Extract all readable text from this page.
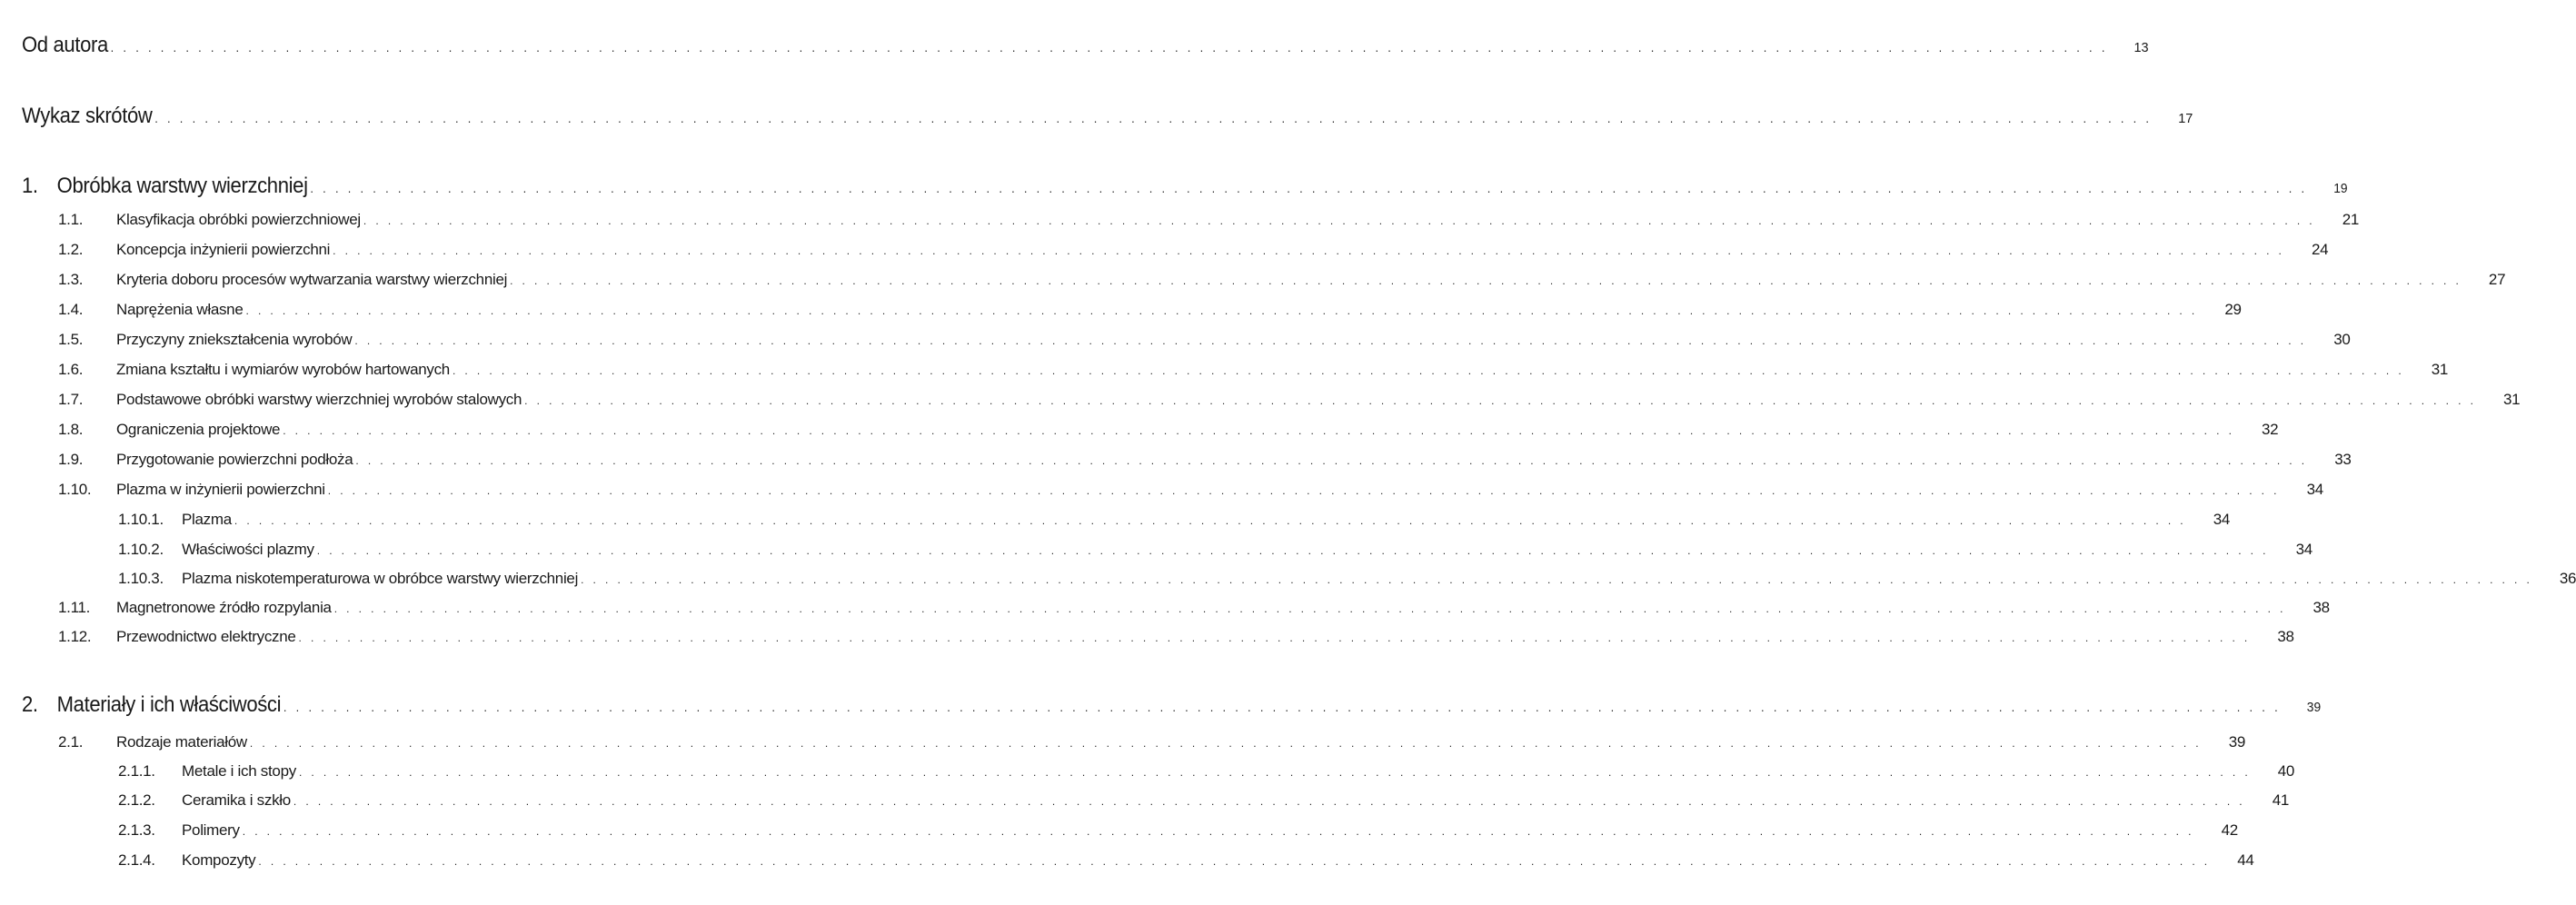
Od autora . . . . . . . . . . . . . . . . . . . . . . . . . . . . . . . . . . . . . . . . . . . . . . . . . . . . . . . . . . . . . . . . . . . . . . . . . . . . . . . . . . . . . . . . . . . . . . . . . . . . . . . . . . . . . . . . . . . . . . . . . . . . . . . . . . . . . . . . . . . . . . . . . . . . . . . . . . . . . . . .	13
Wykaz skrótów . . . . . . . . . . . . . . . . . . . . . . . . . . . . . . . . . . . . . . . . . . . . . . . . . . . . . . . . . . . . . . . . . . . . . . . . . . . . . . . . . . . . . . . . . . . . . . . . . . . . . . . . . . . . . . . . . . . . . . . . . . . . . . . . . . . . . . . . . . . . . . . . . . . . . . . . . . . . . . . .	17
1. Obróbka warstwy wierzchniej . . . . . . . . . . . . . . . . . . . . . . . . . . . . . . . . . . . . . . . . . . . . . . . . . . . . . . . . . . . . . . . . . . . . . . . . . . . . . . . . . . . . . . . . . . . . . . . . . . . . . . . . . . . . . . . . . . . . . . . . . . . . . . . . . . . . . . . . . . . . . . . . . . . . . . . . . . . . . . . .	19
1.1.	Klasyfikacja obróbki powierzchniowej . . . . . . . . . . . . . . . . . . . . . . . . . . . . . . . . . . . . . . . . . . . . . . . . . . . . . . . . . . . . . . . . . . . . . . . . . . . . . . . . . . . . . . . . . . . . . . . . . . . . . . . . . . . . . . . . . . . . . . . . . . . . . . . . . . . . . . . . . . . . . . . . . . . . . . . . . . . . . . . .	21
1.2.	Koncepcja inżynierii powierzchni . . . . . . . . . . . . . . . . . . . . . . . . . . . . . . . . . . . . . . . . . . . . . . . . . . . . . . . . . . . . . . . . . . . . . . . . . . . . . . . . . . . . . . . . . . . . . . . . . . . . . . . . . . . . . . . . . . . . . . . . . . . . . . . . . . . . . . . . . . . . . . . . . . . . . . . . . . . . . . . .	24
1.3.	Kryteria doboru procesów wytwarzania warstwy wierzchniej . . . . . . . . . . . . . . . . . . . . . . . . . . . . . . . . . . . . . . . . . . . . . . . . . . . . . . . . . . . . . . . . . . . . . . . . . . . . . . . . . . . . . . . . . . . . . . . . . . . . . . . . . . . . . . . . . . . . . . . . . . . . . . . . . . . . . . . . . . . . . . . . . . . . . . . . . . . . . . . .	27
1.4.	Naprężenia własne . . . . . . . . . . . . . . . . . . . . . . . . . . . . . . . . . . . . . . . . . . . . . . . . . . . . . . . . . . . . . . . . . . . . . . . . . . . . . . . . . . . . . . . . . . . . . . . . . . . . . . . . . . . . . . . . . . . . . . . . . . . . . . . . . . . . . . . . . . . . . . . . . . . . . . . . . . . . . . . .	29
1.5.	Przyczyny zniekształcenia wyrobów . . . . . . . . . . . . . . . . . . . . . . . . . . . . . . . . . . . . . . . . . . . . . . . . . . . . . . . . . . . . . . . . . . . . . . . . . . . . . . . . . . . . . . . . . . . . . . . . . . . . . . . . . . . . . . . . . . . . . . . . . . . . . . . . . . . . . . . . . . . . . . . . . . . . . . . . . . . . . . . .	30
1.6.	Zmiana kształtu i wymiarów wyrobów hartowanych . . . . . . . . . . . . . . . . . . . . . . . . . . . . . . . . . . . . . . . . . . . . . . . . . . . . . . . . . . . . . . . . . . . . . . . . . . . . . . . . . . . . . . . . . . . . . . . . . . . . . . . . . . . . . . . . . . . . . . . . . . . . . . . . . . . . . . . . . . . . . . . . . . . . . . . . . . . . . . . .	31
1.7.	Podstawowe obróbki warstwy wierzchniej wyrobów stalowych . . . . . . . . . . . . . . . . . . . . . . . . . . . . . . . . . . . . . . . . . . . . . . . . . . . . . . . . . . . . . . . . . . . . . . . . . . . . . . . . . . . . . . . . . . . . . . . . . . . . . . . . . . . . . . . . . . . . . . . . . . . . . . . . . . . . . . . . . . . . . . . . . . . . . . . . . . . . . . . .	31
1.8.	Ograniczenia projektowe . . . . . . . . . . . . . . . . . . . . . . . . . . . . . . . . . . . . . . . . . . . . . . . . . . . . . . . . . . . . . . . . . . . . . . . . . . . . . . . . . . . . . . . . . . . . . . . . . . . . . . . . . . . . . . . . . . . . . . . . . . . . . . . . . . . . . . . . . . . . . . . . . . . . . . . . . . . . . . . .	32
1.9.	Przygotowanie powierzchni podłoża . . . . . . . . . . . . . . . . . . . . . . . . . . . . . . . . . . . . . . . . . . . . . . . . . . . . . . . . . . . . . . . . . . . . . . . . . . . . . . . . . . . . . . . . . . . . . . . . . . . . . . . . . . . . . . . . . . . . . . . . . . . . . . . . . . . . . . . . . . . . . . . . . . . . . . . . . . . . . . . .	33
1.10.	Plazma w inżynierii powierzchni . . . . . . . . . . . . . . . . . . . . . . . . . . . . . . . . . . . . . . . . . . . . . . . . . . . . . . . . . . . . . . . . . . . . . . . . . . . . . . . . . . . . . . . . . . . . . . . . . . . . . . . . . . . . . . . . . . . . . . . . . . . . . . . . . . . . . . . . . . . . . . . . . . . . . . . . . . . . . . . .	34
1.10.1.	Plazma . . . . . . . . . . . . . . . . . . . . . . . . . . . . . . . . . . . . . . . . . . . . . . . . . . . . . . . . . . . . . . . . . . . . . . . . . . . . . . . . . . . . . . . . . . . . . . . . . . . . . . . . . . . . . . . . . . . . . . . . . . . . . . . . . . . . . . . . . . . . . . . . . . . . . . . . . . . . . . . .	34
1.10.2.	Właściwości plazmy . . . . . . . . . . . . . . . . . . . . . . . . . . . . . . . . . . . . . . . . . . . . . . . . . . . . . . . . . . . . . . . . . . . . . . . . . . . . . . . . . . . . . . . . . . . . . . . . . . . . . . . . . . . . . . . . . . . . . . . . . . . . . . . . . . . . . . . . . . . . . . . . . . . . . . . . . . . . . . . .	34
1.10.3.	Plazma niskotemperaturowa w obróbce warstwy wierzchniej . . . . . . . . . . . . . . . . . . . . . . . . . . . . . . . . . . . . . . . . . . . . . . . . . . . . . . . . . . . . . . . . . . . . . . . . . . . . . . . . . . . . . . . . . . . . . . . . . . . . . . . . . . . . . . . . . . . . . . . . . . . . . . . . . . . . . . . . . . . . . . . . . . . . . . . . . . . . . . . .	36
1.11.	Magnetronowe źródło rozpylania . . . . . . . . . . . . . . . . . . . . . . . . . . . . . . . . . . . . . . . . . . . . . . . . . . . . . . . . . . . . . . . . . . . . . . . . . . . . . . . . . . . . . . . . . . . . . . . . . . . . . . . . . . . . . . . . . . . . . . . . . . . . . . . . . . . . . . . . . . . . . . . . . . . . . . . . . . . . . . . .	38
1.12.	Przewodnictwo elektryczne . . . . . . . . . . . . . . . . . . . . . . . . . . . . . . . . . . . . . . . . . . . . . . . . . . . . . . . . . . . . . . . . . . . . . . . . . . . . . . . . . . . . . . . . . . . . . . . . . . . . . . . . . . . . . . . . . . . . . . . . . . . . . . . . . . . . . . . . . . . . . . . . . . . . . . . . . . . . . . . .	38
2. Materiały i ich właściwości . . . . . . . . . . . . . . . . . . . . . . . . . . . . . . . . . . . . . . . . . . . . . . . . . . . . . . . . . . . . . . . . . . . . . . . . . . . . . . . . . . . . . . . . . . . . . . . . . . . . . . . . . . . . . . . . . . . . . . . . . . . . . . . . . . . . . . . . . . . . . . . . . . . . . . . . . . . . . . . .	39
2.1.	Rodzaje materiałów . . . . . . . . . . . . . . . . . . . . . . . . . . . . . . . . . . . . . . . . . . . . . . . . . . . . . . . . . . . . . . . . . . . . . . . . . . . . . . . . . . . . . . . . . . . . . . . . . . . . . . . . . . . . . . . . . . . . . . . . . . . . . . . . . . . . . . . . . . . . . . . . . . . . . . . . . . . . . . . .	39
2.1.1.	Metale i ich stopy . . . . . . . . . . . . . . . . . . . . . . . . . . . . . . . . . . . . . . . . . . . . . . . . . . . . . . . . . . . . . . . . . . . . . . . . . . . . . . . . . . . . . . . . . . . . . . . . . . . . . . . . . . . . . . . . . . . . . . . . . . . . . . . . . . . . . . . . . . . . . . . . . . . . . . . . . . . . . . . .	40
2.1.2.	Ceramika i szkło . . . . . . . . . . . . . . . . . . . . . . . . . . . . . . . . . . . . . . . . . . . . . . . . . . . . . . . . . . . . . . . . . . . . . . . . . . . . . . . . . . . . . . . . . . . . . . . . . . . . . . . . . . . . . . . . . . . . . . . . . . . . . . . . . . . . . . . . . . . . . . . . . . . . . . . . . . . . . . . .	41
2.1.3.	Polimery . . . . . . . . . . . . . . . . . . . . . . . . . . . . . . . . . . . . . . . . . . . . . . . . . . . . . . . . . . . . . . . . . . . . . . . . . . . . . . . . . . . . . . . . . . . . . . . . . . . . . . . . . . . . . . . . . . . . . . . . . . . . . . . . . . . . . . . . . . . . . . . . . . . . . . . . . . . . . . . .	42
2.1.4.	Kompozyty . . . . . . . . . . . . . . . . . . . . . . . . . . . . . . . . . . . . . . . . . . . . . . . . . . . . . . . . . . . . . . . . . . . . . . . . . . . . . . . . . . . . . . . . . . . . . . . . . . . . . . . . . . . . . . . . . . . . . . . . . . . . . . . . . . . . . . . . . . . . . . . . . . . . . . . . . . . . . . . .	44
